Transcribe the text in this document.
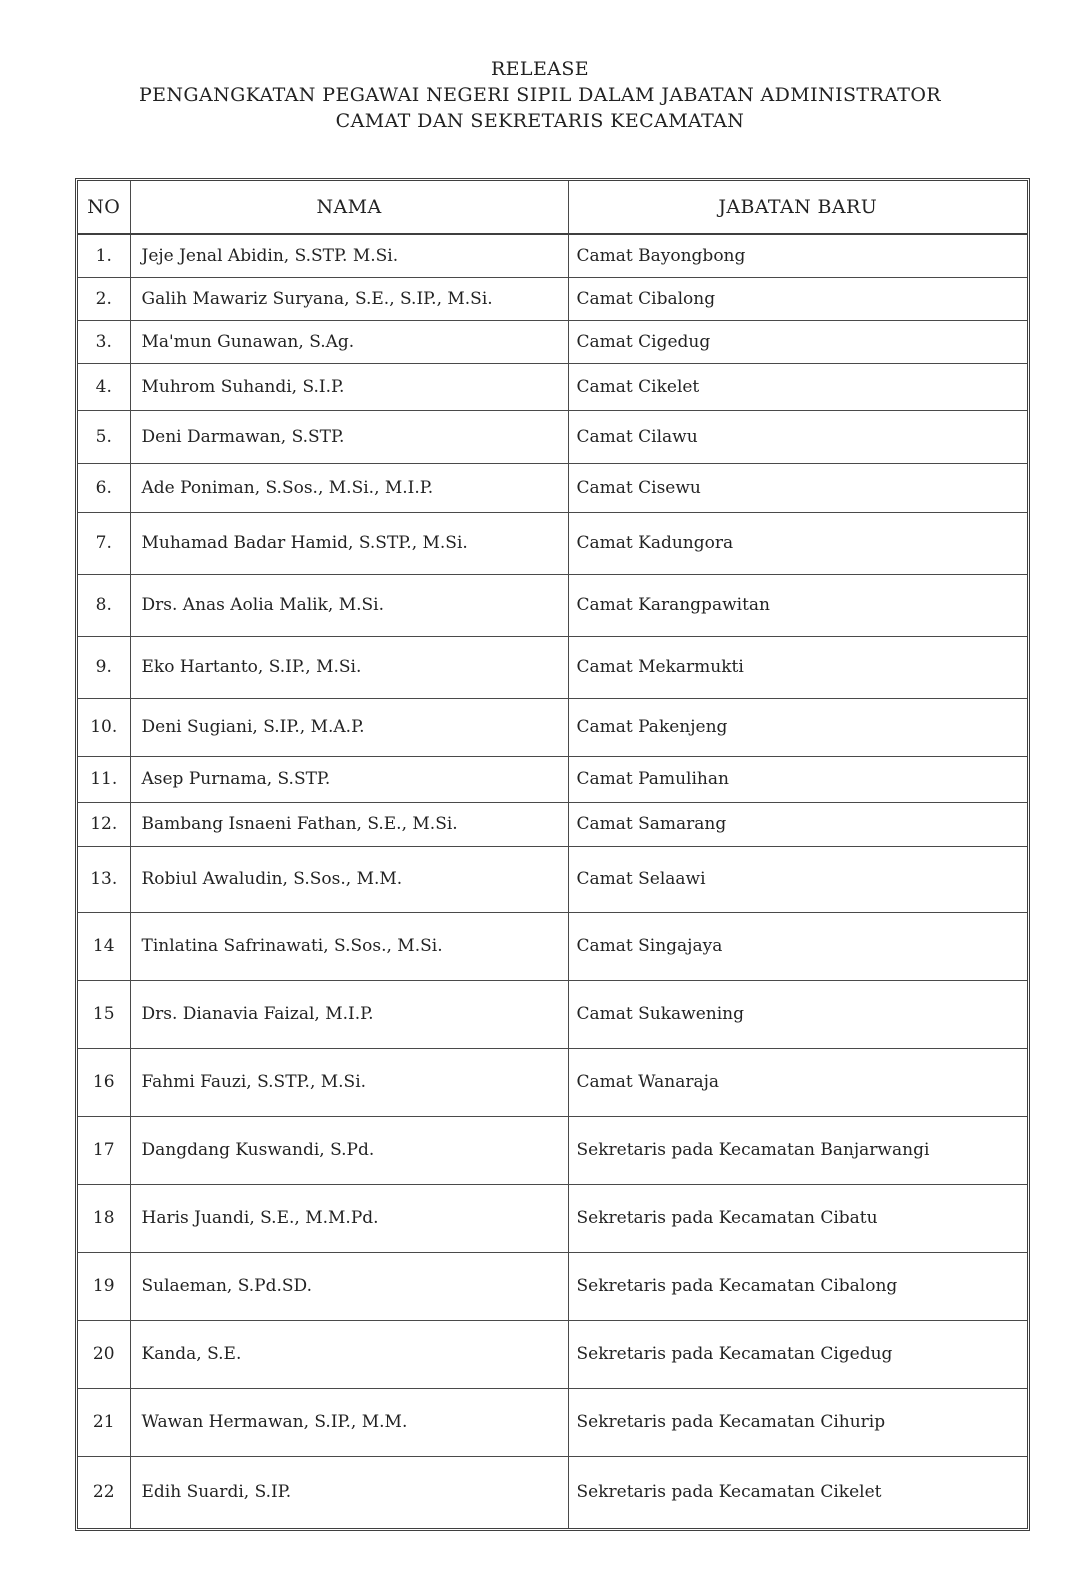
RELEASE
PENGANGKATAN PEGAWAI NEGERI SIPIL DALAM JABATAN ADMINISTRATOR
CAMAT DAN SEKRETARIS KECAMATAN
NO	NAMA	JABATAN BARU
1.	Jeje Jenal Abidin, S.STP. M.Si.	Camat Bayongbong
2.	Galih Mawariz Suryana, S.E., S.IP., M.Si.	Camat Cibalong
3.	Ma'mun Gunawan, S.Ag.	Camat Cigedug
4.	Muhrom Suhandi, S.I.P.	Camat Cikelet
5.	Deni Darmawan, S.STP.	Camat Cilawu
6.	Ade Poniman, S.Sos., M.Si., M.I.P.	Camat Cisewu
7.	Muhamad Badar Hamid, S.STP., M.Si.	Camat Kadungora
8.	Drs. Anas Aolia Malik, M.Si.	Camat Karangpawitan
9.	Eko Hartanto, S.IP., M.Si.	Camat Mekarmukti
10.	Deni Sugiani, S.IP., M.A.P.	Camat Pakenjeng
11.	Asep Purnama, S.STP.	Camat Pamulihan
12.	Bambang Isnaeni Fathan, S.E., M.Si.	Camat Samarang
13.	Robiul Awaludin, S.Sos., M.M.	Camat Selaawi
14	Tinlatina Safrinawati, S.Sos., M.Si.	Camat Singajaya
15	Drs. Dianavia Faizal, M.I.P.	Camat Sukawening
16	Fahmi Fauzi, S.STP., M.Si.	Camat Wanaraja
17	Dangdang Kuswandi, S.Pd.	Sekretaris pada Kecamatan Banjarwangi
18	Haris Juandi, S.E., M.M.Pd.	Sekretaris pada Kecamatan Cibatu
19	Sulaeman, S.Pd.SD.	Sekretaris pada Kecamatan Cibalong
20	Kanda, S.E.	Sekretaris pada Kecamatan Cigedug
21	Wawan Hermawan, S.IP., M.M.	Sekretaris pada Kecamatan Cihurip
22	Edih Suardi, S.IP.	Sekretaris pada Kecamatan Cikelet
